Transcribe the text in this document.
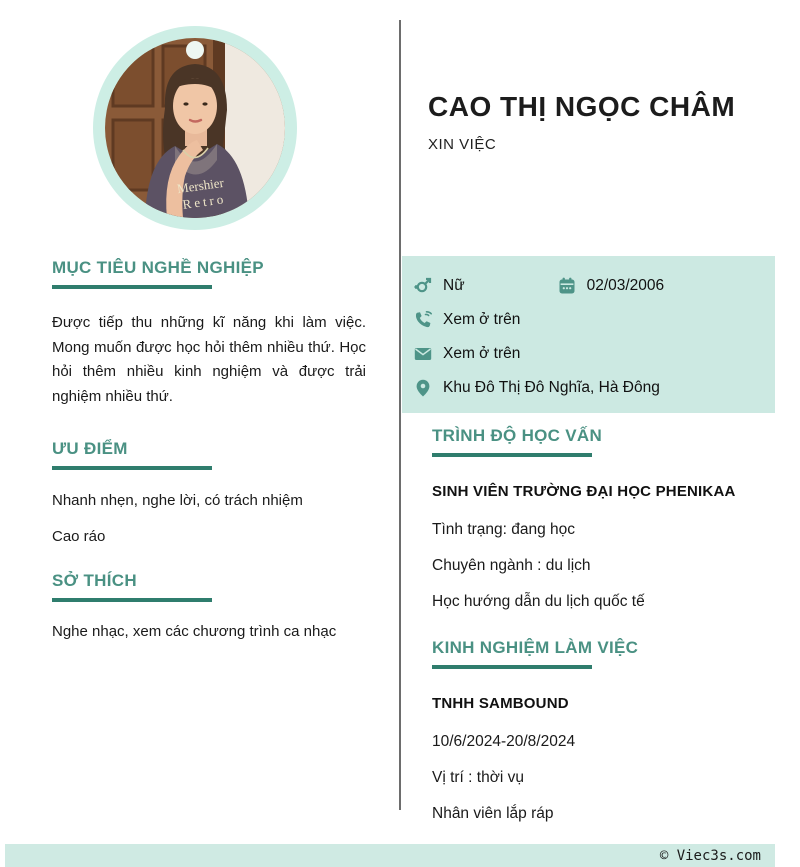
Mershier
Retro
CAO THỊ NGỌC CHÂM
XIN VIỆC
Nữ	02/03/2006
Xem ở trên
Xem ở trên
Khu Đô Thị Đô Nghĩa, Hà Đông
MỤC TIÊU NGHỀ NGHIỆP

Được tiếp thu những kĩ năng khi làm việc. Mong muốn được học hỏi thêm nhiều thứ. Học hỏi thêm nhiều kinh nghiệm và được trải nghiệm nhiều thứ.

ƯU ĐIỂM

Nhanh nhẹn, nghe lời, có trách nhiệm

Cao ráo

SỞ THÍCH

Nghe nhạc, xem các chương trình ca nhạc

TRÌNH ĐỘ HỌC VẤN
SINH VIÊN TRƯỜNG ĐẠI HỌC PHENIKAA
Tình trạng: đang học
Chuyên ngành : du lịch
Học hướng dẫn du lịch quốc tế
KINH NGHIỆM LÀM VIỆC
TNHH SAMBOUND
10/6/2024-20/8/2024
Vị trí : thời vụ
Nhân viên lắp ráp
© Viec3s.com
